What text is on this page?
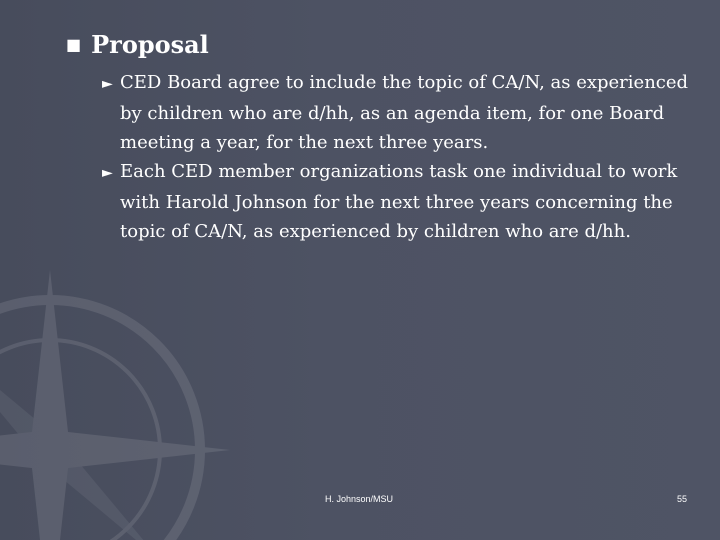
■ Proposal
► CED Board agree to include the topic of CA/N, as experienced by children who are d/hh, as an agenda item, for one Board meeting a year, for the next three years.
► Each CED member organizations task one individual to work with Harold Johnson for the next three years concerning the topic of CA/N, as experienced by children who are d/hh.
H. Johnson/MSU	55
